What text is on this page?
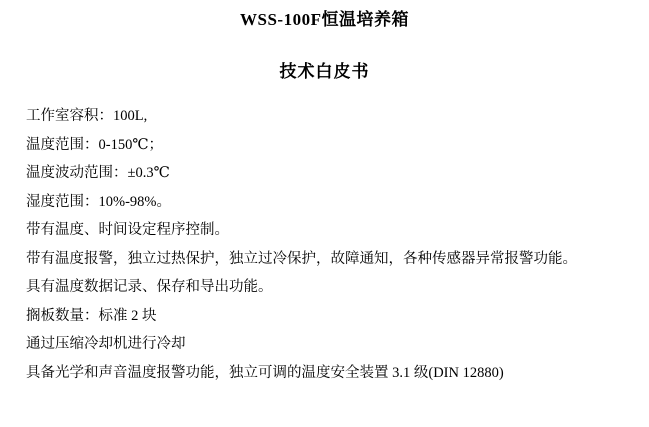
WSS-100F恒温培养箱
技术白皮书

工作室容积：100L,

温度范围：0-150℃；

温度波动范围：±0.3℃

湿度范围：10%-98%。

带有温度、时间设定程序控制。

带有温度报警，独立过热保护，独立过冷保护，故障通知，各种传感器异常报警功能。

具有温度数据记录、保存和导出功能。

搁板数量：标准 2 块

通过压缩冷却机进行冷却

具备光学和声音温度报警功能，独立可调的温度安全装置 3.1 级(DIN 12880)
